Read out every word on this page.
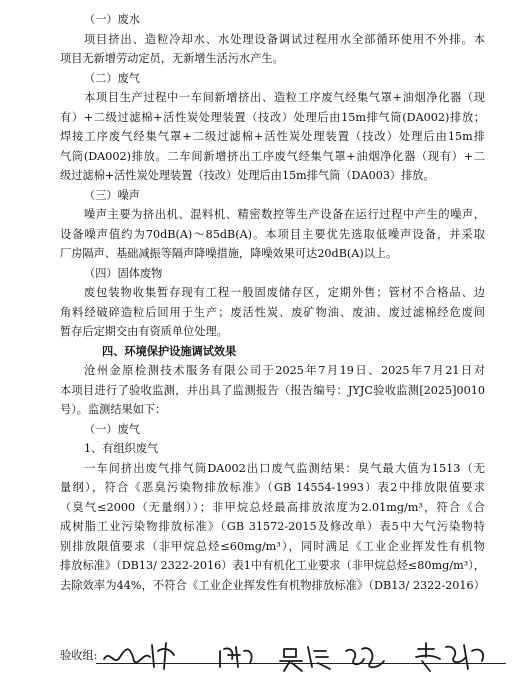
（一）废水
项目挤出、造粒冷却水、水处理设备调试过程用水全部循环使用不外排。本
项目无新增劳动定员，无新增生活污水产生。
（二）废气
本项目生产过程中一车间新增挤出、造粒工序废气经集气罩+油烟净化器（现
有）+二级过滤棉+活性炭处理装置（技改）处理后由15m排气筒(DA002)排放；
焊接工序废气经集气罩+二级过滤棉+活性炭处理装置（技改）处理后由15m排
气筒(DA002)排放。二车间新增挤出工序废气经集气罩+油烟净化器（现有）+二
级过滤棉+活性炭处理装置（技改）处理后由15m排气筒（DA003）排放。
（三）噪声
噪声主要为挤出机、混料机、精密数控等生产设备在运行过程中产生的噪声，
设备噪声值约为70dB(A)～85dB(A)。本项目主要优先选取低噪声设备，并采取
厂房隔声、基础减振等隔声降噪措施，降噪效果可达20dB(A)以上。
（四）固体废物
废包装物收集暂存现有工程一般固废储存区，定期外售；管材不合格品、边
角料经破碎造粒后回用于生产；废活性炭、废矿物油、废油、废过滤棉经危废间
暂存后定期交由有资质单位处理。
四、环境保护设施调试效果
沧州金原检测技术服务有限公司于2025年7月19日、2025年7月21日对
本项目进行了验收监测，并出具了监测报告（报告编号：JYJC验收监测[2025]0010
号）。监测结果如下：
（一）废气
1、有组织废气
一车间挤出废气排气筒DA002出口废气监测结果：臭气最大值为1513（无
量纲），符合《恶臭污染物排放标准》（GB 14554-1993）表2中排放限值要求
（臭气≤2000（无量纲））；非甲烷总烃最高排放浓度为2.01mg/m³，符合《合
成树脂工业污染物排放标准》（GB 31572-2015及修改单）表5中大气污染物特
别排放限值要求（非甲烷总烃≤60mg/m³），同时满足《工业企业挥发性有机物
排放标准》（DB13/ 2322-2016）表1中有机化工业要求（非甲烷总烃≤80mg/m³），
去除效率为44%，不符合《工业企业挥发性有机物排放标准》（DB13/ 2322-2016）
验收组:
